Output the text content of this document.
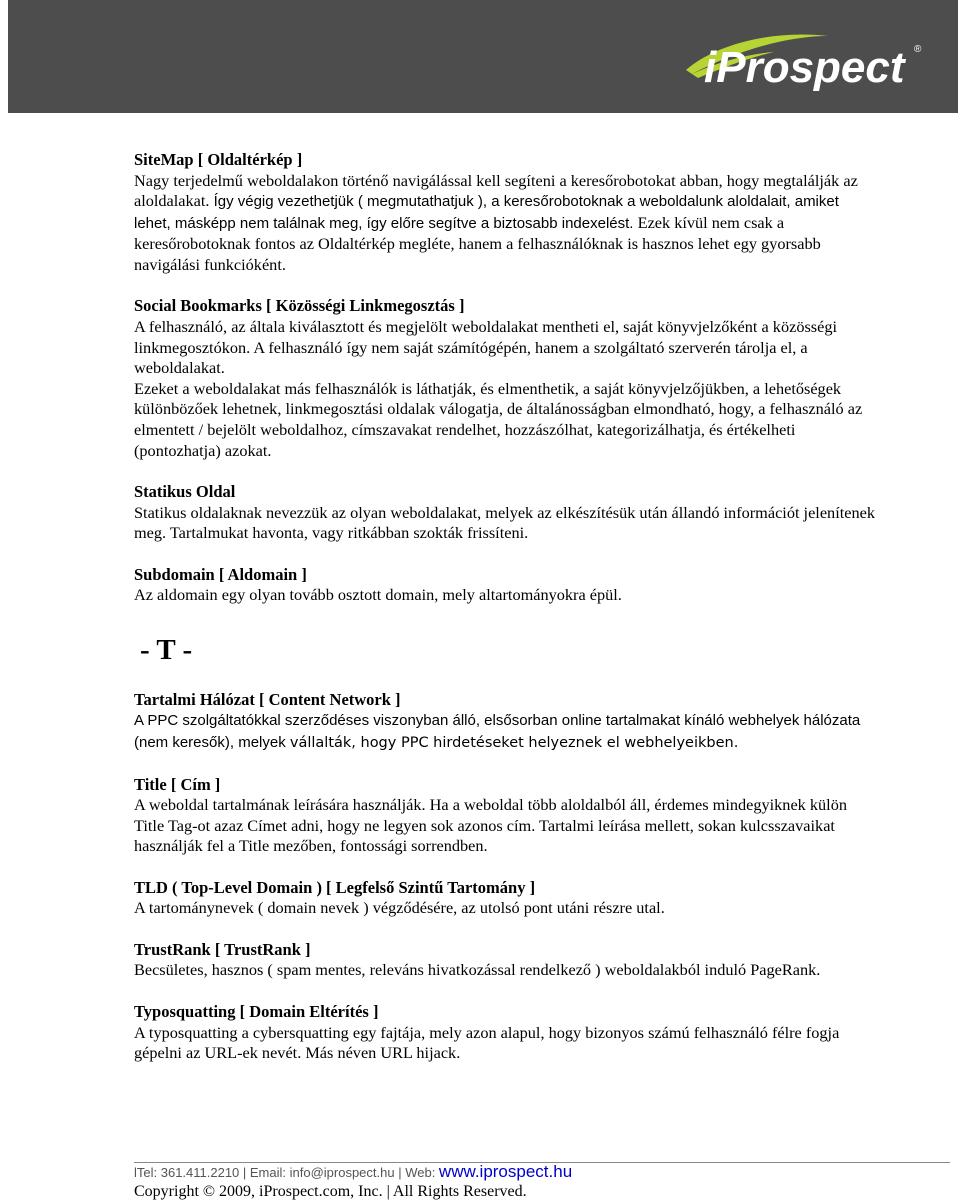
iProspect ®
SiteMap [ Oldaltérkép ]
Nagy terjedelmű weboldalakon történő navigálással kell segíteni a keresőrobotokat abban, hogy megtalálják az aloldalakat. Így végig vezethetjük ( megmutathatjuk ), a keresőrobotoknak a weboldalunk aloldalait, amiket lehet, másképp nem találnak meg, így előre segítve a biztosabb indexelést. Ezek kívül nem csak a keresőrobotoknak fontos az Oldaltérkép megléte, hanem a felhasználóknak is hasznos lehet egy gyorsabb navigálási funkcióként.
Social Bookmarks [ Közösségi Linkmegosztás ]
A felhasználó, az általa kiválasztott és megjelölt weboldalakat mentheti el, saját könyvjelzőként a közösségi linkmegosztókon. A felhasználó így nem saját számítógépén, hanem a szolgáltató szerverén tárolja el, a weboldalakat.
Ezeket a weboldalakat más felhasználók is láthatják, és elmenthetik, a saját könyvjelzőjükben, a lehetőségek különbözőek lehetnek, linkmegosztási oldalak válogatja, de általánosságban elmondható, hogy, a felhasználó az elmentett / bejelölt weboldalhoz, címszavakat rendelhet, hozzászólhat, kategorizálhatja, és értékelheti (pontozhatja) azokat.
Statikus Oldal
Statikus oldalaknak nevezzük az olyan weboldalakat, melyek az elkészítésük után állandó információt jelenítenek meg. Tartalmukat havonta, vagy ritkábban szokták frissíteni.
Subdomain [ Aldomain ]
Az aldomain egy olyan tovább osztott domain, mely altartományokra épül.
- T -
Tartalmi Hálózat [ Content Network ]
A PPC szolgáltatókkal szerződéses viszonyban álló, elsősorban online tartalmakat kínáló webhelyek hálózata (nem keresők), melyek vállalták, hogy PPC hirdetéseket helyeznek el webhelyeikben.
Title [ Cím ]
A weboldal tartalmának leírására használják. Ha a weboldal több aloldalból áll, érdemes mindegyiknek külön Title Tag-ot azaz Címet adni, hogy ne legyen sok azonos cím. Tartalmi leírása mellett, sokan kulcsszavaikat használják fel a Title mezőben, fontossági sorrendben.
TLD ( Top-Level Domain ) [ Legfelső Szintű Tartomány ]
A tartománynevek ( domain nevek ) végződésére, az utolsó pont utáni részre utal.
TrustRank [ TrustRank ]
Becsületes, hasznos ( spam mentes, releváns hivatkozással rendelkező ) weboldalakból induló PageRank.
Typosquatting [ Domain Eltérítés ]
A typosquatting a cybersquatting egy fajtája, mely azon alapul, hogy bizonyos számú felhasználó félre fogja gépelni az URL-ek nevét. Más néven URL hijack.
lTel: 361.411.2210 | Email: info@iprospect.hu | Web: www.iprospect.hu
Copyright © 2009, iProspect.com, Inc. | All Rights Reserved.
